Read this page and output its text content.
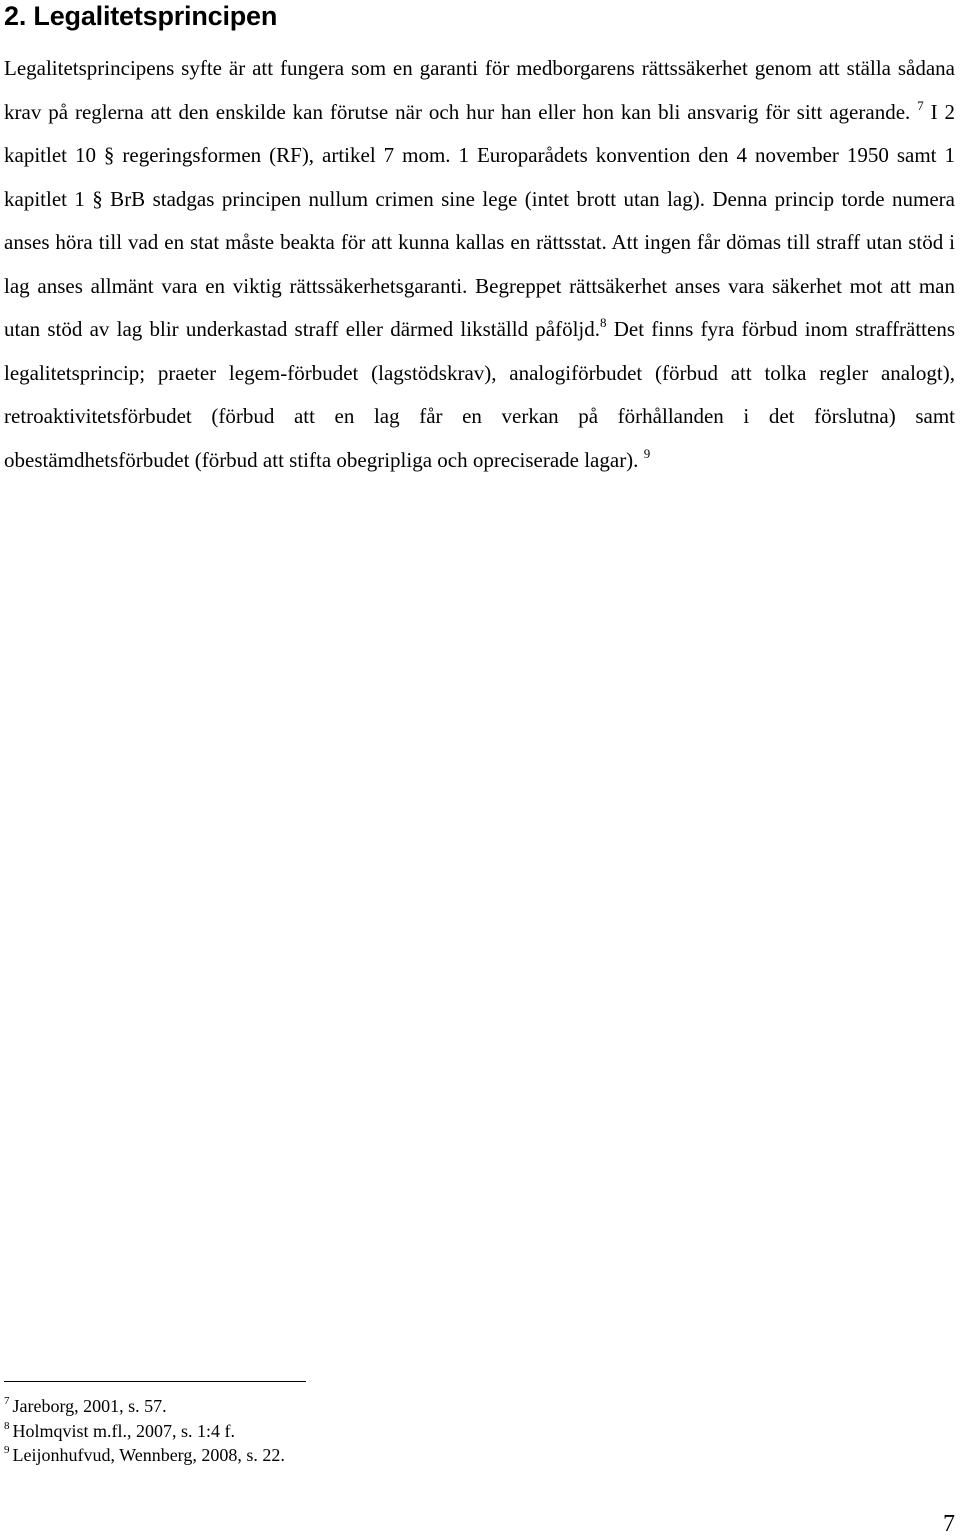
2. Legalitetsprincipen

Legalitetsprincipens syfte är att fungera som en garanti för medborgarens rättssäkerhet genom att ställa sådana krav på reglerna att den enskilde kan förutse när och hur han eller hon kan bli ansvarig för sitt agerande. $^7$ I 2 kapitlet 10 § regeringsformen (RF), artikel 7 mom. 1 Europarådets konvention den 4 november 1950 samt 1 kapitlet 1 § BrB stadgas principen nullum crimen sine lege (intet brott utan lag). Denna princip torde numera anses höra till vad en stat måste beakta för att kunna kallas en rättsstat. Att ingen får dömas till straff utan stöd i lag anses allmänt vara en viktig rättssäkerhetsgaranti. Begreppet rättsäkerhet anses vara säkerhet mot att man utan stöd av lag blir underkastad straff eller därmed likställd påföljd.$^8$ Det finns fyra förbud inom straffrättens legalitetsprincip; praeter legem-förbudet (lagstödskrav), analogiförbudet (förbud att tolka regler analogt), retroaktivitetsförbudet (förbud att en lag får en verkan på förhållanden i det förslutna) samt obestämdhetsförbudet (förbud att stifta obegripliga och opreciserade lagar). $^9$

$^7$ Jareborg, 2001, s. 57.
$^8$ Holmqvist m.fl., 2007, s. 1:4 f.
$^9$ Leijonhufvud, Wennberg, 2008, s. 22.
7
